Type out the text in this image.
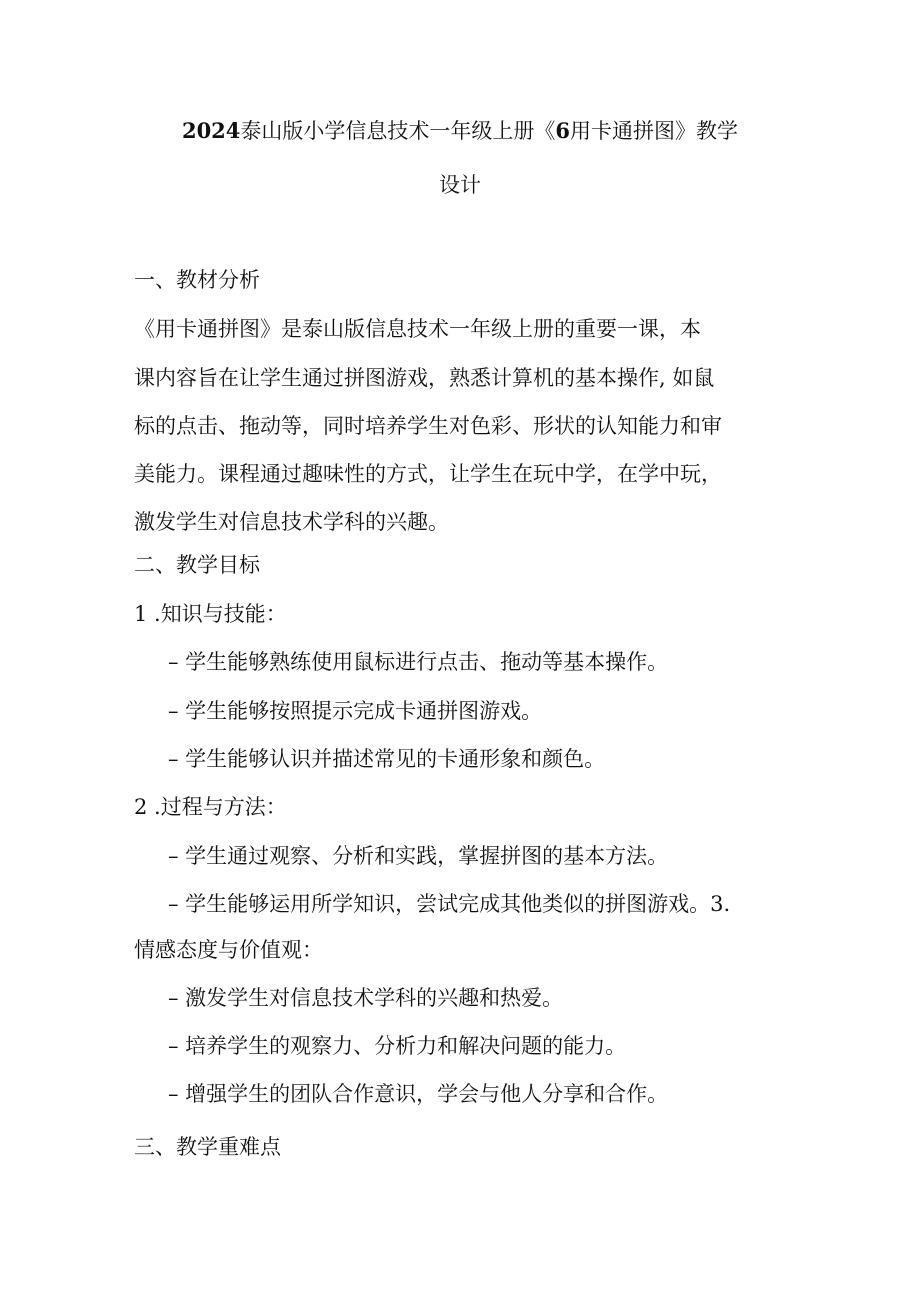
2024泰山版小学信息技术一年级上册《6用卡通拼图》教学
设计
一、教材分析
《用卡通拼图》是泰山版信息技术一年级上册的重要一课，本
课内容旨在让学生通过拼图游戏，熟悉计算机的基本操作, 如鼠
标的点击、拖动等，同时培养学生对色彩、形状的认知能力和审
美能力。课程通过趣味性的方式，让学生在玩中学，在学中玩，
激发学生对信息技术学科的兴趣。
二、教学目标
1 .知识与技能：
– 学生能够熟练使用鼠标进行点击、拖动等基本操作。
– 学生能够按照提示完成卡通拼图游戏。
– 学生能够认识并描述常见的卡通形象和颜色。
2 .过程与方法：
– 学生通过观察、分析和实践，掌握拼图的基本方法。
– 学生能够运用所学知识，尝试完成其他类似的拼图游戏。3.
情感态度与价值观：
– 激发学生对信息技术学科的兴趣和热爱。
– 培养学生的观察力、分析力和解决问题的能力。
– 增强学生的团队合作意识，学会与他人分享和合作。
三、教学重难点
